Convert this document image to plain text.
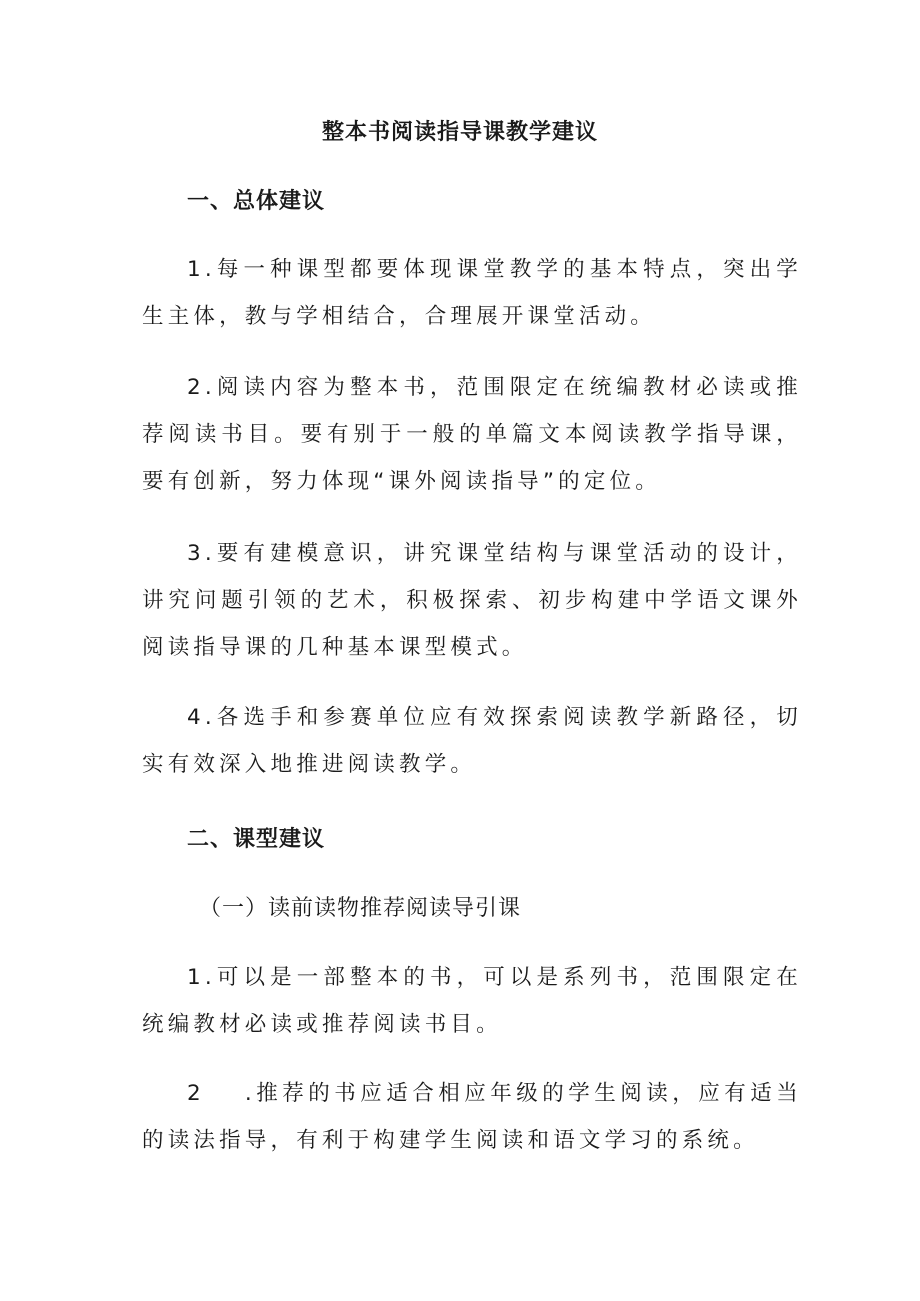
整本书阅读指导课教学建议
一、总体建议
1.每一种课型都要体现课堂教学的基本特点，突出学生主体，教与学相结合，合理展开课堂活动。
2.阅读内容为整本书，范围限定在统编教材必读或推荐阅读书目。要有别于一般的单篇文本阅读教学指导课，要有创新，努力体现“课外阅读指导”的定位。
3.要有建模意识，讲究课堂结构与课堂活动的设计，讲究问题引领的艺术，积极探索、初步构建中学语文课外阅读指导课的几种基本课型模式。
4.各选手和参赛单位应有效探索阅读教学新路径，切实有效深入地推进阅读教学。
二、课型建议
（一）读前读物推荐阅读导引课
1.可以是一部整本的书，可以是系列书，范围限定在统编教材必读或推荐阅读书目。
2 .推荐的书应适合相应年级的学生阅读，应有适当的读法指导，有利于构建学生阅读和语文学习的系统。
